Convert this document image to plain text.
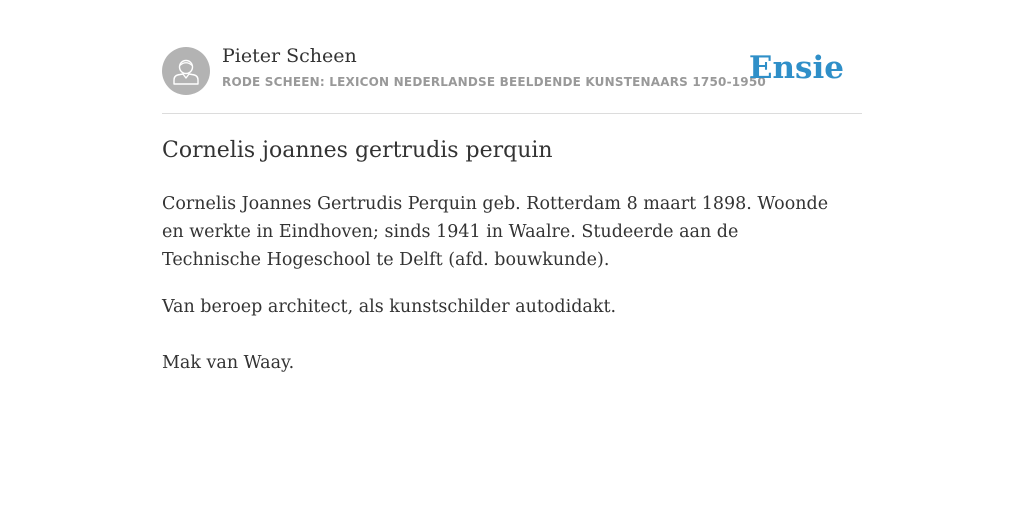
Pieter Scheen
RODE SCHEEN: LEXICON NEDERLANDSE BEELDENDE KUNSTENAARS 1750-1950
Ensie
Cornelis joannes gertrudis perquin

Cornelis Joannes Gertrudis Perquin geb. Rotterdam 8 maart 1898. Woonde en werkte in Eindhoven; sinds 1941 in Waalre. Studeerde aan de Technische Hogeschool te Delft (afd. bouwkunde).

Van beroep architect, als kunstschilder autodidakt.

Mak van Waay.
